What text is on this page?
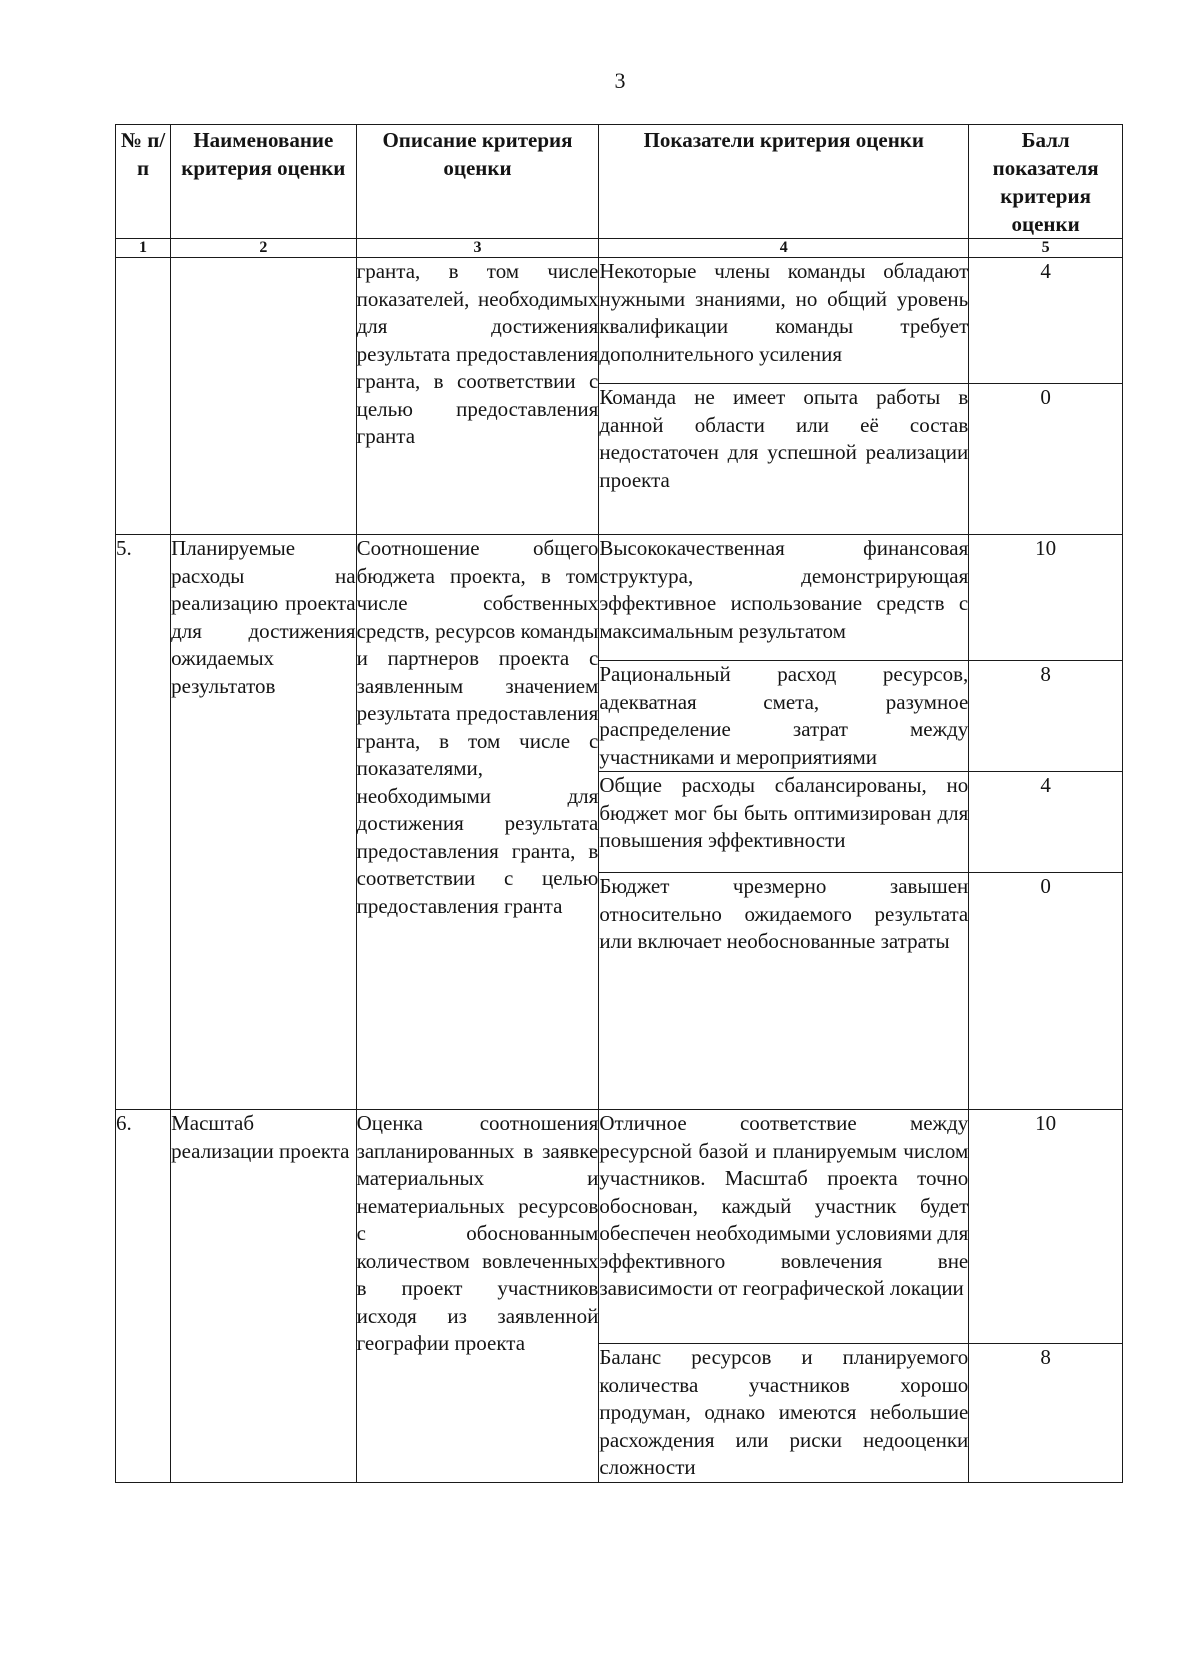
3
№ п/п	Наименование критерия оценки	Описание критерия оценки	Показатели критерия оценки	Балл показателя критерия оценки
1	2	3	4	5
		гранта, в том числе показателей, необходимых для достижения результата предоставления гранта, в соответствии с целью предоставления гранта	Некоторые члены команды обладают нужными знаниями, но общий уровень квалификации команды требует дополнительного усиления	4
			Команда не имеет опыта работы в данной области или её состав недостаточен для успешной реализации проекта	0
5.	Планируемые расходы на реализацию проекта для достижения ожидаемых результатов	Соотношение общего бюджета проекта, в том числе собственных средств, ресурсов команды и партнеров проекта с заявленным значением результата предоставления гранта, в том числе с показателями, необходимыми для достижения результата предоставления гранта, в соответствии с целью предоставления гранта	Высококачественная финансовая структура, демонстрирующая эффективное использование средств с максимальным результатом	10
			Рациональный расход ресурсов, адекватная смета, разумное распределение затрат между участниками и мероприятиями	8
			Общие расходы сбалансированы, но бюджет мог бы быть оптимизирован для повышения эффективности	4
			Бюджет чрезмерно завышен относительно ожидаемого результата или включает необоснованные затраты	0
6.	Масштаб реализации проекта	Оценка соотношения запланированных в заявке материальных и нематериальных ресурсов с обоснованным количеством вовлеченных в проект участников исходя из заявленной географии проекта	Отличное соответствие между ресурсной базой и планируемым числом участников. Масштаб проекта точно обоснован, каждый участник будет обеспечен необходимыми условиями для эффективного вовлечения вне зависимости от географической локации	10
			Баланс ресурсов и планируемого количества участников хорошо продуман, однако имеются небольшие расхождения или риски недооценки сложности	8
